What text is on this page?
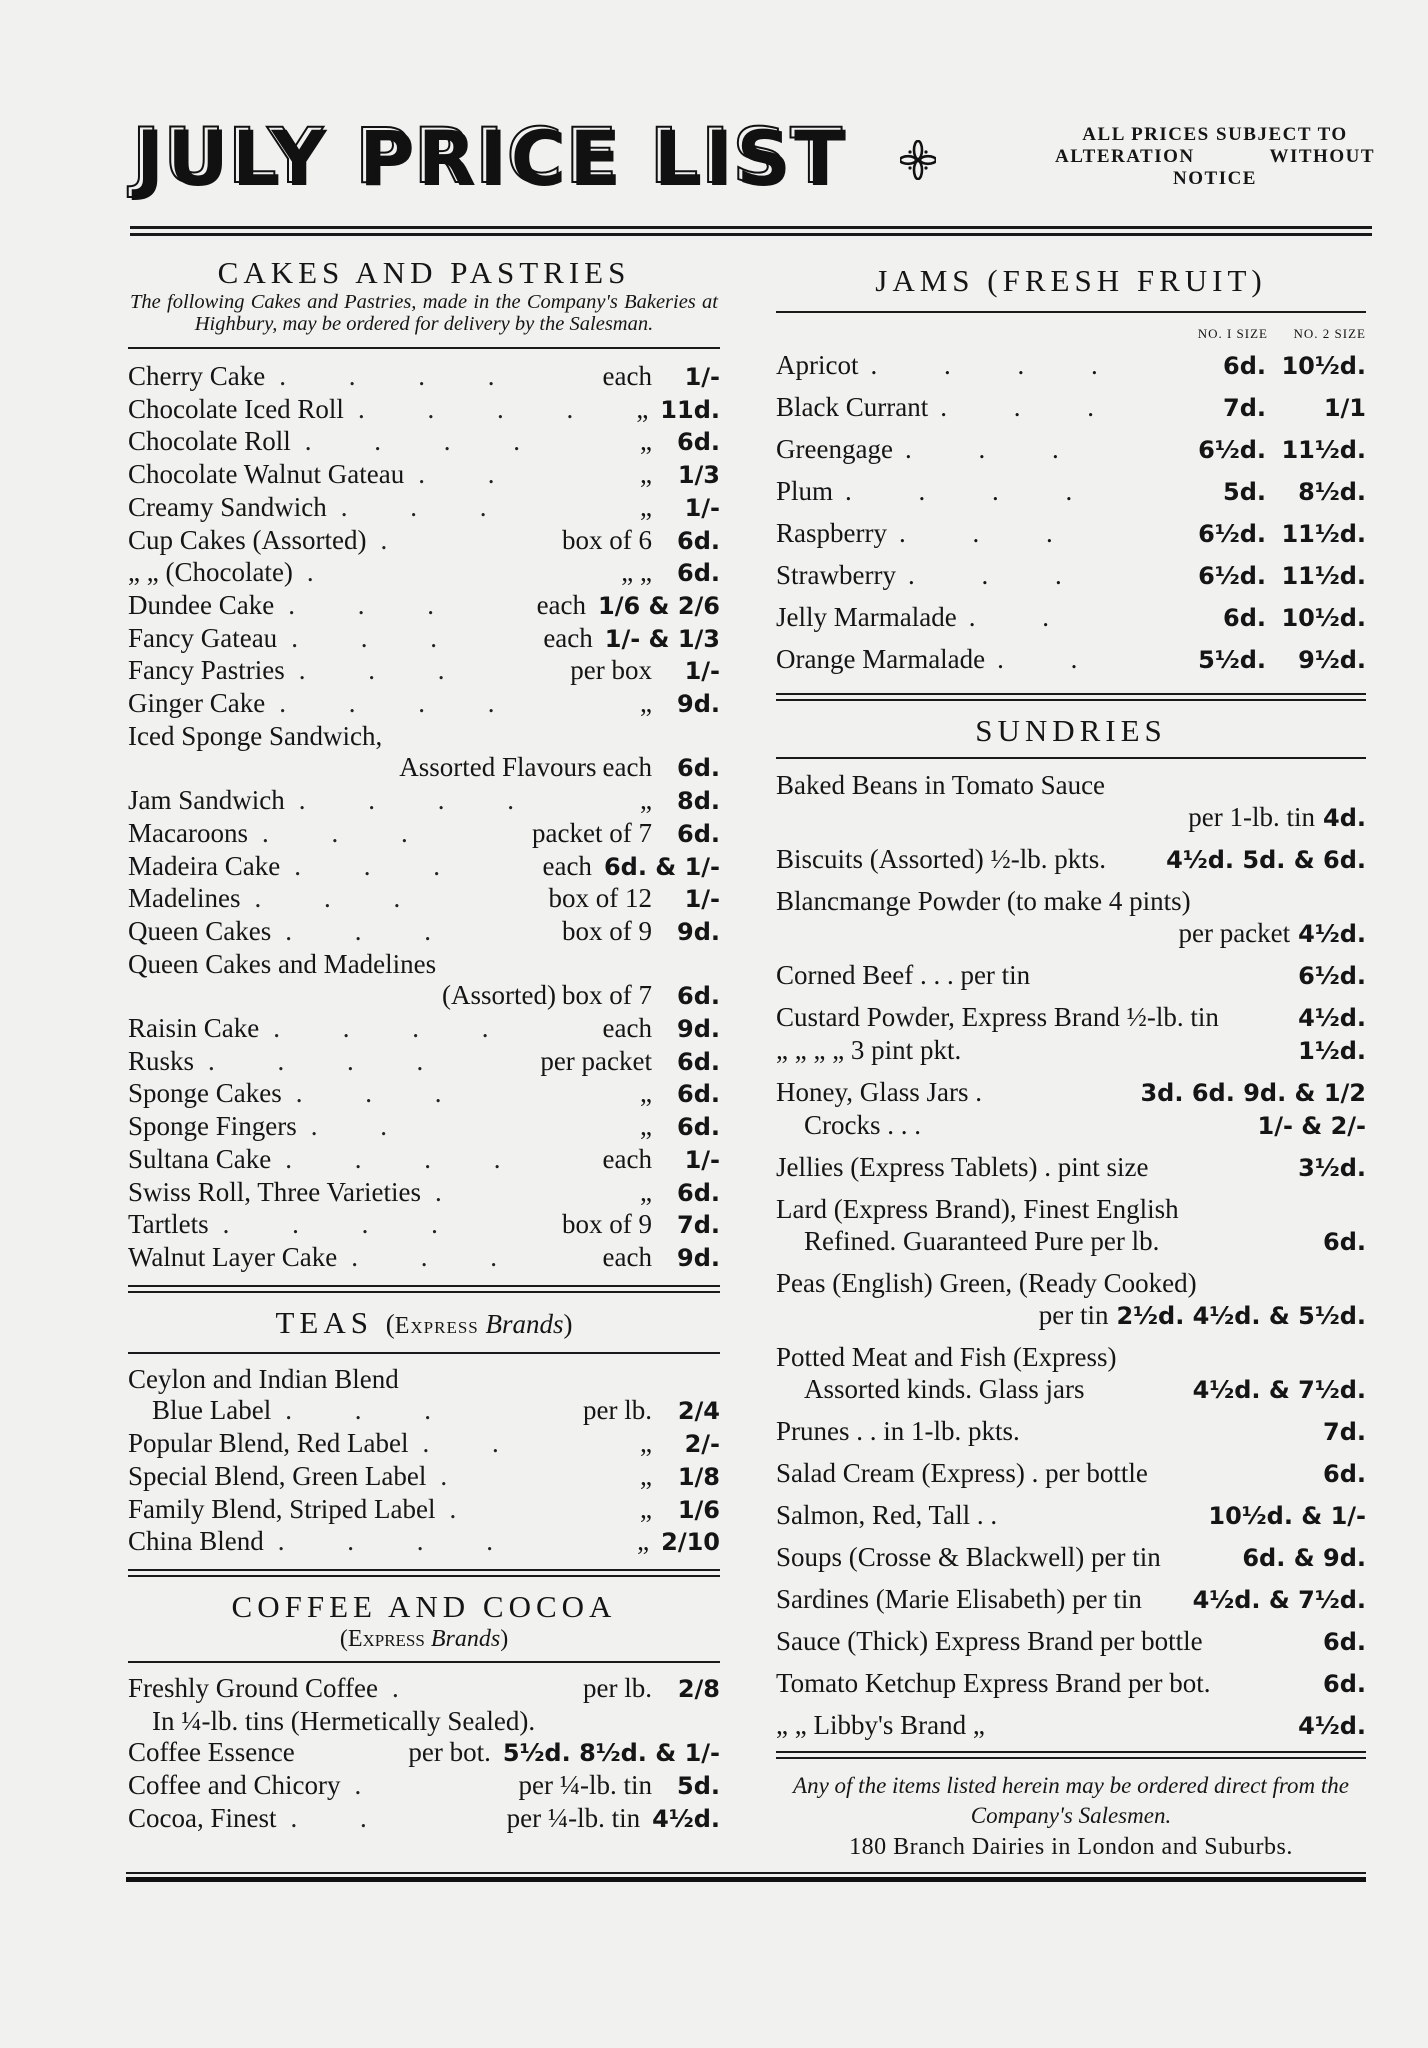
JULY PRICE LIST	ALL PRICES SUBJECT TO
ALTERATION WITHOUT
NOTICE
CAKES AND PASTRIES
The following Cakes and Pastries, made in the Company's Bakeries at Highbury, may be ordered for delivery by the Salesman.
Cherry Cake . . . .	each	1/-
Chocolate Iced Roll . . . .	„ 11d.
Chocolate Roll . . . .	„	6d.
Chocolate Walnut Gateau . .	„	1/3
Creamy Sandwich . . .	„	1/-
Cup Cakes (Assorted) .	box of 6	6d.
„ „ (Chocolate) .	„ „	6d.
Dundee Cake . . .	each 1/6 & 2/6
Fancy Gateau . . .	each 1/- & 1/3
Fancy Pastries . . .	per box	1/-
Ginger Cake . . . .	„	9d.
Iced Sponge Sandwich,
Assorted Flavours each	6d.
Jam Sandwich . . . .	„	8d.
Macaroons . . .	packet of 7	6d.
Madeira Cake . . .	each 6d. & 1/-
Madelines . . .	box of 12	1/-
Queen Cakes . . .	box of 9	9d.
Queen Cakes and Madelines
(Assorted) box of 7	6d.
Raisin Cake . . . .	each	9d.
Rusks . . . .	per packet	6d.
Sponge Cakes . . .	„	6d.
Sponge Fingers . .	„	6d.
Sultana Cake . . . .	each	1/-
Swiss Roll, Three Varieties .	„	6d.
Tartlets . . . .	box of 9	7d.
Walnut Layer Cake . . .	each	9d.
TEAS (Express Brands)
Ceylon and Indian Blend
Blue Label . . .	per lb.	2/4
Popular Blend, Red Label . .	„	2/-
Special Blend, Green Label .	„	1/8
Family Blend, Striped Label .	„	1/6
China Blend . . . .	„ 2/10
COFFEE AND COCOA
(Express Brands)
Freshly Ground Coffee .	per lb.	2/8
In ¼-lb. tins (Hermetically Sealed).
Coffee Essence	per bot. 5½d. 8½d. & 1/-
Coffee and Chicory .	per ¼-lb. tin	5d.
Cocoa, Finest . .	per ¼-lb. tin 4½d.
JAMS (FRESH FRUIT)
NO. I SIZE	NO. 2 SIZE
Apricot . . . .	6d. 10½d.
Black Currant . . .	7d.	1/1
Greengage . . .	6½d. 11½d.
Plum . . . .	5d.	8½d.
Raspberry . . .	6½d. 11½d.
Strawberry . . .	6½d. 11½d.
Jelly Marmalade . .	6d. 10½d.
Orange Marmalade . .	5½d.	9½d.
SUNDRIES
Baked Beans in Tomato Sauce
per 1-lb. tin 4d.
Biscuits (Assorted) ½-lb. pkts.	4½d. 5d. & 6d.
Blancmange Powder (to make 4 pints)
per packet 4½d.
Corned Beef . . . per tin	6½d.
Custard Powder, Express Brand ½-lb. tin	4½d.
„ „ „ „ 3 pint pkt.	1½d.
Honey, Glass Jars .	3d. 6d. 9d. & 1/2
Crocks . . .	1/- & 2/-
Jellies (Express Tablets) . pint size	3½d.
Lard (Express Brand), Finest English
Refined. Guaranteed Pure per lb.	6d.
Peas (English) Green, (Ready Cooked)
per tin 2½d. 4½d. & 5½d.
Potted Meat and Fish (Express)
Assorted kinds. Glass jars	4½d. & 7½d.
Prunes . . in 1-lb. pkts.	7d.
Salad Cream (Express) . per bottle	6d.
Salmon, Red, Tall . .	10½d. & 1/-
Soups (Crosse & Blackwell) per tin	6d. & 9d.
Sardines (Marie Elisabeth) per tin	4½d. & 7½d.
Sauce (Thick) Express Brand per bottle	6d.
Tomato Ketchup Express Brand per bot.	6d.
„ „ Libby's Brand „	4½d.
Any of the items listed herein may be ordered direct from the Company's Salesmen.
180 Branch Dairies in London and Suburbs.
